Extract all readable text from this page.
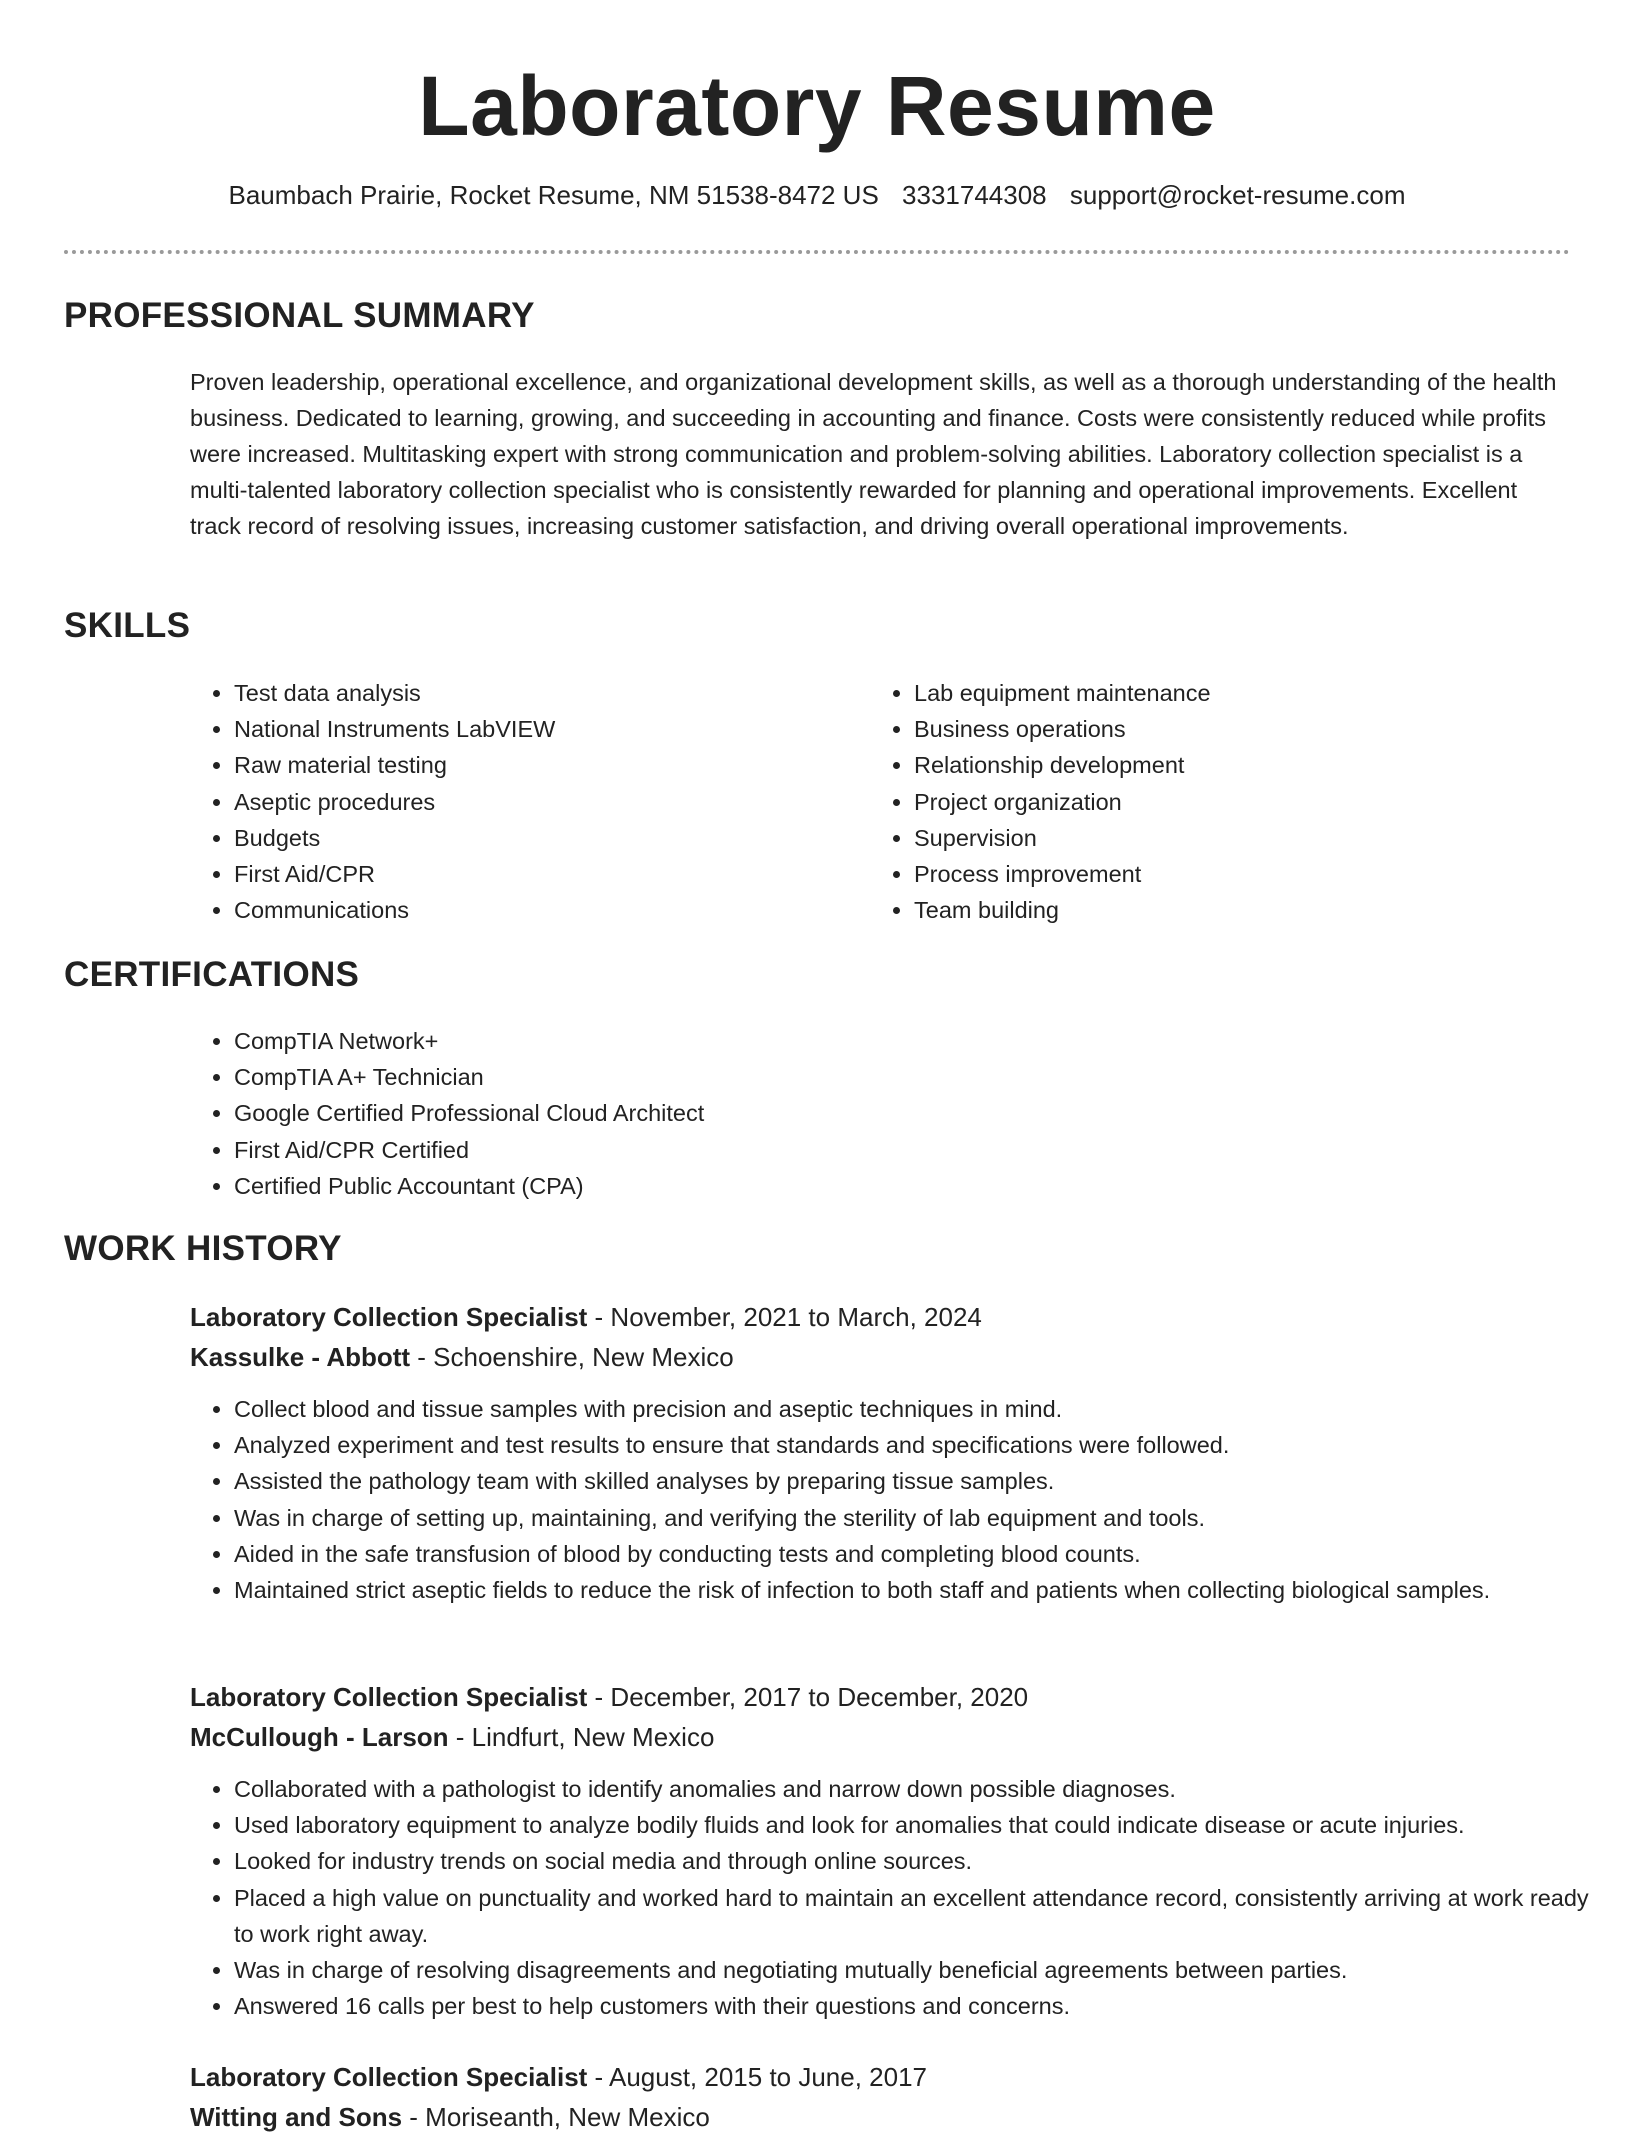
Laboratory Resume
Baumbach Prairie, Rocket Resume, NM 51538-8472 US 3331744308 support@rocket-resume.com
PROFESSIONAL SUMMARY

Proven leadership, operational excellence, and organizational development skills, as well as a thorough understanding of the health business. Dedicated to learning, growing, and succeeding in accounting and finance. Costs were consistently reduced while profits were increased. Multitasking expert with strong communication and problem-solving abilities. Laboratory collection specialist is a multi-talented laboratory collection specialist who is consistently rewarded for planning and operational improvements. Excellent track record of resolving issues, increasing customer satisfaction, and driving overall operational improvements.

SKILLS
• Test data analysis
• National Instruments LabVIEW
• Raw material testing
• Aseptic procedures
• Budgets
• First Aid/CPR
• Communications
• Lab equipment maintenance
• Business operations
• Relationship development
• Project organization
• Supervision
• Process improvement
• Team building
CERTIFICATIONS
• CompTIA Network+
• CompTIA A+ Technician
• Google Certified Professional Cloud Architect
• First Aid/CPR Certified
• Certified Public Accountant (CPA)
WORK HISTORY
Laboratory Collection Specialist - November, 2021 to March, 2024
Kassulke - Abbott - Schoenshire, New Mexico
• Collect blood and tissue samples with precision and aseptic techniques in mind.
• Analyzed experiment and test results to ensure that standards and specifications were followed.
• Assisted the pathology team with skilled analyses by preparing tissue samples.
• Was in charge of setting up, maintaining, and verifying the sterility of lab equipment and tools.
• Aided in the safe transfusion of blood by conducting tests and completing blood counts.
• Maintained strict aseptic fields to reduce the risk of infection to both staff and patients when collecting biological samples.
Laboratory Collection Specialist - December, 2017 to December, 2020
McCullough - Larson - Lindfurt, New Mexico
• Collaborated with a pathologist to identify anomalies and narrow down possible diagnoses.
• Used laboratory equipment to analyze bodily fluids and look for anomalies that could indicate disease or acute injuries.
• Looked for industry trends on social media and through online sources.
• Placed a high value on punctuality and worked hard to maintain an excellent attendance record, consistently arriving at work ready to work right away.
• Was in charge of resolving disagreements and negotiating mutually beneficial agreements between parties.
• Answered 16 calls per best to help customers with their questions and concerns.
Laboratory Collection Specialist - August, 2015 to June, 2017
Witting and Sons - Moriseanth, New Mexico
